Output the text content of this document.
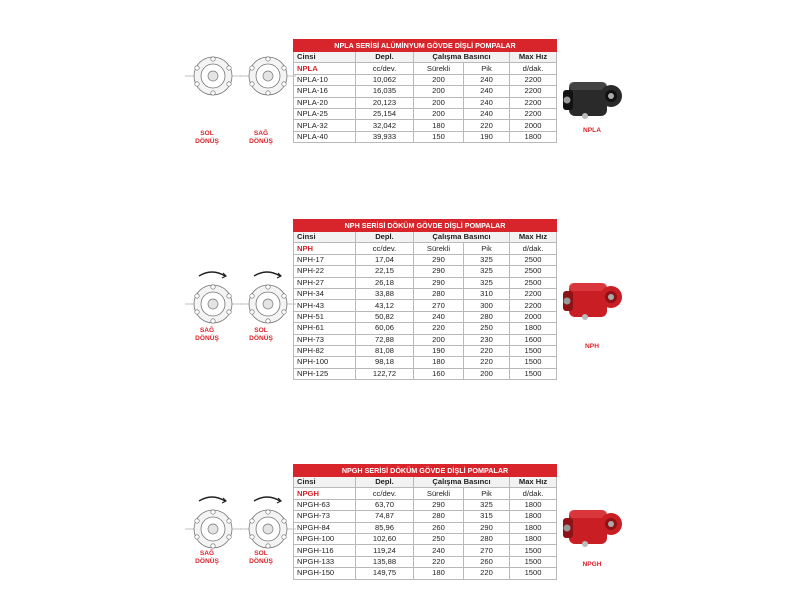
SOL
DÖNÜŞ
SAĞ
DÖNÜŞ
NPLA SERİSİ ALÜMİNYUM GÖVDE DİŞLİ POMPALAR				
Cinsi	Depl.	Çalışma Basıncı		Max Hız
NPLA	cc/dev.	Sürekli	Pik	d/dak.
NPLA-10	10,062	200	240	2200
NPLA-16	16,035	200	240	2200
NPLA-20	20,123	200	240	2200
NPLA-25	25,154	200	240	2200
NPLA-32	32,042	180	220	2000
NPLA-40	39,933	150	190	1800
NPLA
SAĞ
DÖNÜŞ
SOL
DÖNÜŞ
NPH SERİSİ DÖKÜM GÖVDE DİŞLİ POMPALAR				
Cinsi	Depl.	Çalışma Basıncı		Max Hız
NPH	cc/dev.	Sürekli	Pik	d/dak.
NPH-17	17,04	290	325	2500
NPH-22	22,15	290	325	2500
NPH-27	26,18	290	325	2500
NPH-34	33,88	280	310	2200
NPH-43	43,12	270	300	2200
NPH-51	50,82	240	280	2000
NPH-61	60,06	220	250	1800
NPH-73	72,88	200	230	1600
NPH-82	81,08	190	220	1500
NPH-100	98,18	180	220	1500
NPH-125	122,72	160	200	1500
NPH
SAĞ
DÖNÜŞ
SOL
DÖNÜŞ
NPGH SERİSİ DÖKÜM GÖVDE DİŞLİ POMPALAR				
Cinsi	Depl.	Çalışma Basıncı		Max Hız
NPGH	cc/dev.	Sürekli	Pik	d/dak.
NPGH-63	63,70	290	325	1800
NPGH-73	74,87	280	315	1800
NPGH-84	85,96	260	290	1800
NPGH-100	102,60	250	280	1800
NPGH-116	119,24	240	270	1500
NPGH-133	135,88	220	260	1500
NPGH-150	149,75	180	220	1500
NPGH
